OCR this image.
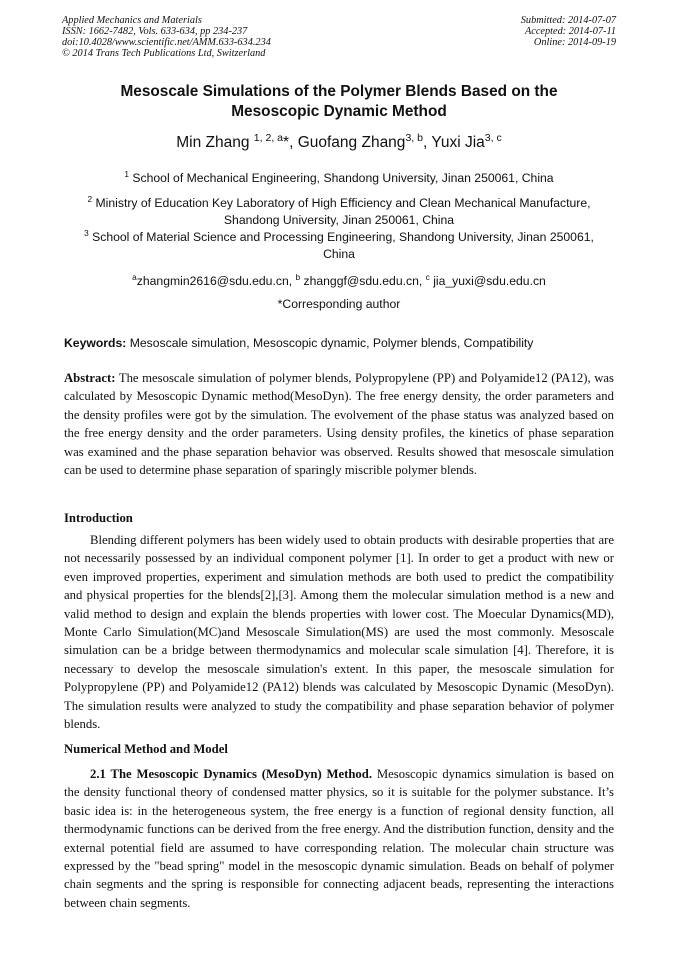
Applied Mechanics and Materials
ISSN: 1662-7482, Vols. 633-634, pp 234-237
doi:10.4028/www.scientific.net/AMM.633-634.234
© 2014 Trans Tech Publications Ltd, Switzerland
Submitted: 2014-07-07
Accepted: 2014-07-11
Online: 2014-09-19
Mesoscale Simulations of the Polymer Blends Based on the
Mesoscopic Dynamic Method
Min Zhang $^{1, 2, a}$*, Guofang Zhang$^{3, b}$, Yuxi Jia$^{3, c}$
$^1$ School of Mechanical Engineering, Shandong University, Jinan 250061, China
$^2$ Ministry of Education Key Laboratory of High Efficiency and Clean Mechanical Manufacture,
Shandong University, Jinan 250061, China
$^3$ School of Material Science and Processing Engineering, Shandong University, Jinan 250061,
China
$^a$zhangmin2616@sdu.edu.cn, $^b$ zhanggf@sdu.edu.cn, $^c$ jia_yuxi@sdu.edu.cn
*Corresponding author
Keywords: Mesoscale simulation, Mesoscopic dynamic, Polymer blends, Compatibility
Abstract: The mesoscale simulation of polymer blends, Polypropylene (PP) and Polyamide12 (PA12), was calculated by Mesoscopic Dynamic method(MesoDyn). The free energy density, the order parameters and the density profiles were got by the simulation. The evolvement of the phase status was analyzed based on the free energy density and the order parameters. Using density profiles, the kinetics of phase separation was examined and the phase separation behavior was observed. Results showed that mesoscale simulation can be used to determine phase separation of sparingly miscrible polymer blends.
Introduction
Blending different polymers has been widely used to obtain products with desirable properties that are not necessarily possessed by an individual component polymer [1]. In order to get a product with new or even improved properties, experiment and simulation methods are both used to predict the compatibility and physical properties for the blends[2],[3]. Among them the molecular simulation method is a new and valid method to design and explain the blends properties with lower cost. The Moecular Dynamics(MD), Monte Carlo Simulation(MC)and Mesoscale Simulation(MS) are used the most commonly. Mesoscale simulation can be a bridge between thermodynamics and molecular scale simulation [4]. Therefore, it is necessary to develop the mesoscale simulation's extent. In this paper, the mesoscale simulation for Polypropylene (PP) and Polyamide12 (PA12) blends was calculated by Mesoscopic Dynamic (MesoDyn). The simulation results were analyzed to study the compatibility and phase separation behavior of polymer blends.
Numerical Method and Model
2.1 The Mesoscopic Dynamics (MesoDyn) Method. Mesoscopic dynamics simulation is based on the density functional theory of condensed matter physics, so it is suitable for the polymer substance. It’s basic idea is: in the heterogeneous system, the free energy is a function of regional density function, all thermodynamic functions can be derived from the free energy. And the distribution function, density and the external potential field are assumed to have corresponding relation. The molecular chain structure was expressed by the "bead spring" model in the mesoscopic dynamic simulation. Beads on behalf of polymer chain segments and the spring is responsible for connecting adjacent beads, representing the interactions between chain segments.
